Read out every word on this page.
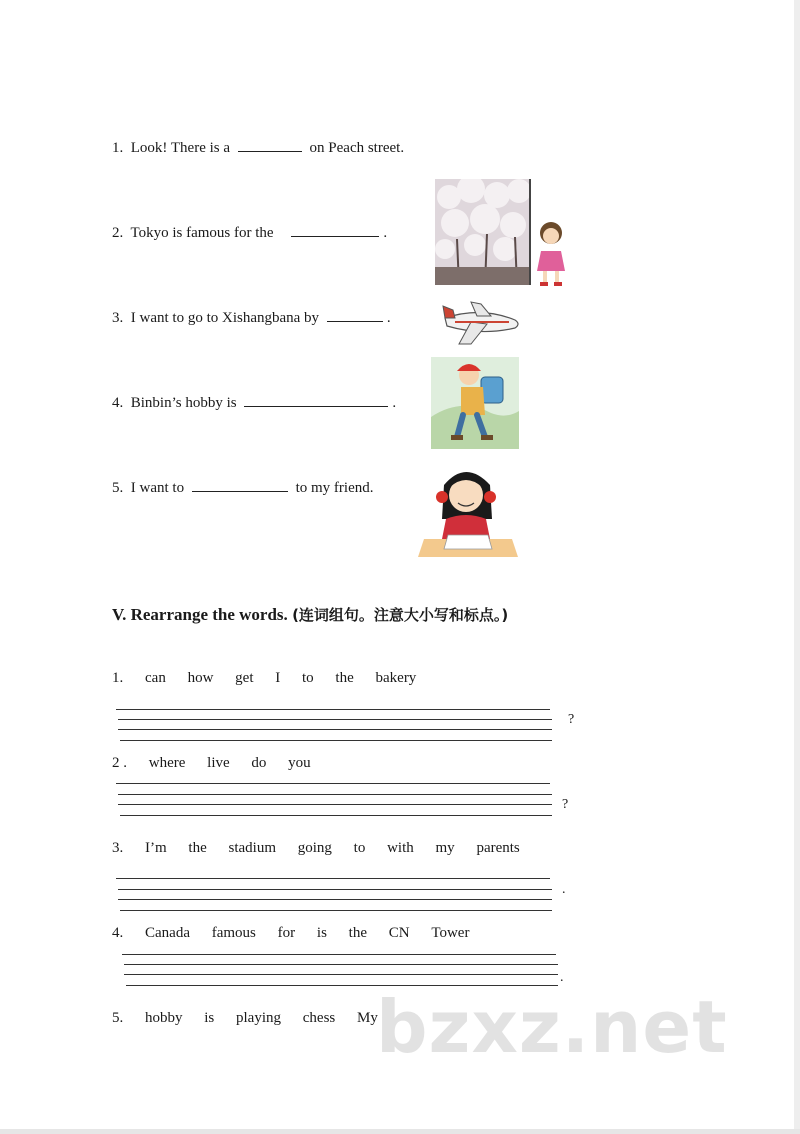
1. Look! There is a	on Peach street.
2. Tokyo is famous for the	.
3. I want to go to Xishangbana by	.
4. Binbin’s hobby is	.
5. I want to	to my friend.
V. Rearrange the words. (连词组句。注意大小写和标点。)
1. can how get I to the bakery
?
2 . where live do you
?
3. I’m the stadium going to with my parents
.
4. Canada famous for is the CN Tower
.
5. hobby is playing chess My
bzxz.net
